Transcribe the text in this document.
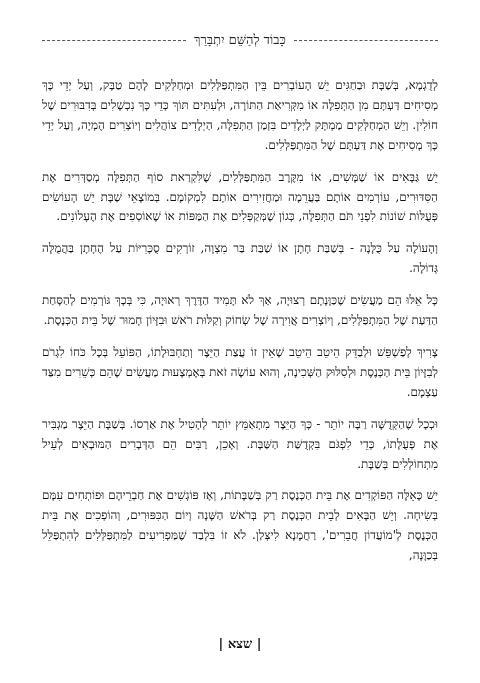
כָּבוֹד לְהַשֵּׁם יִתְבָּרַךְ

לְדֻגְמָא, בְּשַׁבָּת וּבַחַגִּים יֵשׁ הָעוֹבְרִים בֵּין הַמִּתְפַּלְּלִים וּמְחַלְּקִים לָהֶם טַבָּק, וְעַל יְדֵי כָּךְ מְסִיחִים דַּעְתָּם מִן הַתְּפִלָּה אוֹ מִקְּרִיאַת הַתּוֹרָה, וּלְעִתִּים תּוֹךְ כְּדֵי כָּךְ נִכְשָׁלִים בְּדִבּוּרִים שֶׁל חוֹלִין. וְיֵשׁ הַמְחַלְּקִים מַמְתָּק לַיְלָדִים בִּזְמַן הַתְּפִלָּה, הַיְלָדִים צוֹהֲלִים וְיוֹצְרִים הֶמְיָה, וְעַל יְדֵי כָּךְ מְסִיחִים אֶת דַּעְתָּם שֶׁל הַמִּתְפַּלְּלִים.

יֵשׁ גַּבָּאִים אוֹ שַׁמָּשִׁים, אוֹ מִקֶּרֶב הַמִּתְפַּלְּלִים, שֶׁלִּקְרַאת סוֹף הַתְּפִלָּה מְסַדְּרִים אֶת הַסִּדּוּרִים, עוֹרְמִים אוֹתָם בַּעֲרֵמָה וּמַחֲזִירִים אוֹתָם לִמְקוֹמָם. בְּמוֹצָאֵי שַׁבָּת יֵשׁ הָעוֹשִׂים פְּעֻלּוֹת שׁוֹנוֹת לִפְנֵי תֹּם הַתְּפִלָּה, כְּגוֹן שֶׁמְּקַפְּלִים אֶת הַמַּפּוֹת אוֹ שֶׁאוֹסְפִים אֶת הֶעָלוֹנִים.

וְהָעוֹלֶה עַל כֻּלָּנָה - בְּשַׁבַּת חָתָן אוֹ שַׁבַּת בַּר מִצְוָה, זוֹרְקִים סֻכָּרִיּוֹת עַל הֶחָתָן בַּהֲמֻלָּה גְּדוֹלָה.

כָּל אֵלּוּ הֵם מַעֲשִׂים שֶׁכַּוָּנָתָם רְצוּיָה, אַךְ לֹא תָּמִיד הַדֶּרֶךְ רְאוּיָה, כִּי בְּכָךְ גּוֹרְמִים לְהַסָּחַת הַדַּעַת שֶׁל הַמִּתְפַּלְּלִים, וְיוֹצְרִים אֲוִירָה שֶׁל שְׂחוֹק וְקַלּוּת רֹאשׁ וּבִזָּיוֹן חָמוּר שֶׁל בֵּית הַכְּנֶסֶת.

צָרִיךְ לְפַשְׁפֵּשׁ וּלְבַדֵּק הֵיטֵב הֵיטֵב שֶׁאֵין זוֹ עֲצַת הַיֵּצֶר וְתַחְבּוּלָתוֹ, הַפּוֹעֵל בְּכָל כֹּחוֹ לִגְרֹם לְבִזָּיוֹן בֵּית הַכְּנֶסֶת וּלְסִלּוּק הַשְּׁכִינָה, וְהוּא עוֹשֶׂה זֹאת בְּאֶמְצָעוּת מַעֲשִׂים שֶׁהֵם כְּשֵׁרִים מִצַּד עַצְמָם.

וּכְכָל שֶׁהַקְּדֻשָּׁה רַבָּה יוֹתֵר - כָּךְ הַיֵּצֶר מִתְאַמֵּץ יוֹתֵר לְהָטִיל אֶת אַרְסוֹ. בְּשַׁבָּת הַיֵּצֶר מַגְבִּיר אֶת פְּעֻלָּתוֹ, כְּדֵי לִפְגֹּם בִּקְדֻשַּׁת הַשַּׁבָּת. וְאָכֵן, רַבִּים הֵם הַדְּבָרִים הַמּוּבָאִים לְעֵיל מִתְחוֹלְלִים בְּשַׁבָּת.

יֵשׁ כָּאֵלֶּה הַפּוֹקְדִים אֶת בֵּית הַכְּנֶסֶת רַק בְּשַׁבָּתוֹת, וְאָז פּוֹגְשִׁים אֶת חַבְרֵיהֶם וּפוֹתְחִים עִמָּם בְּשִׂיחָה. וְיֵשׁ הַבָּאִים לְבֵית הַכְּנֶסֶת רַק בְּרֹאשׁ הַשָּׁנָה וְיוֹם הַכִּפּוּרִים, וְהוֹפְכִים אֶת בֵּית הַכְּנֶסֶת לְ'מוֹעֲדוֹן חֲבֵרִים', רַחֲמָנָא לִיצְּלַן. לֹא זוֹ בִּלְבַד שֶׁמַּפְרִיעִים לַמִּתְפַּלְּלִים לְהִתְפַּלֵּל בְּכַוָּנָה,

| שצא |
